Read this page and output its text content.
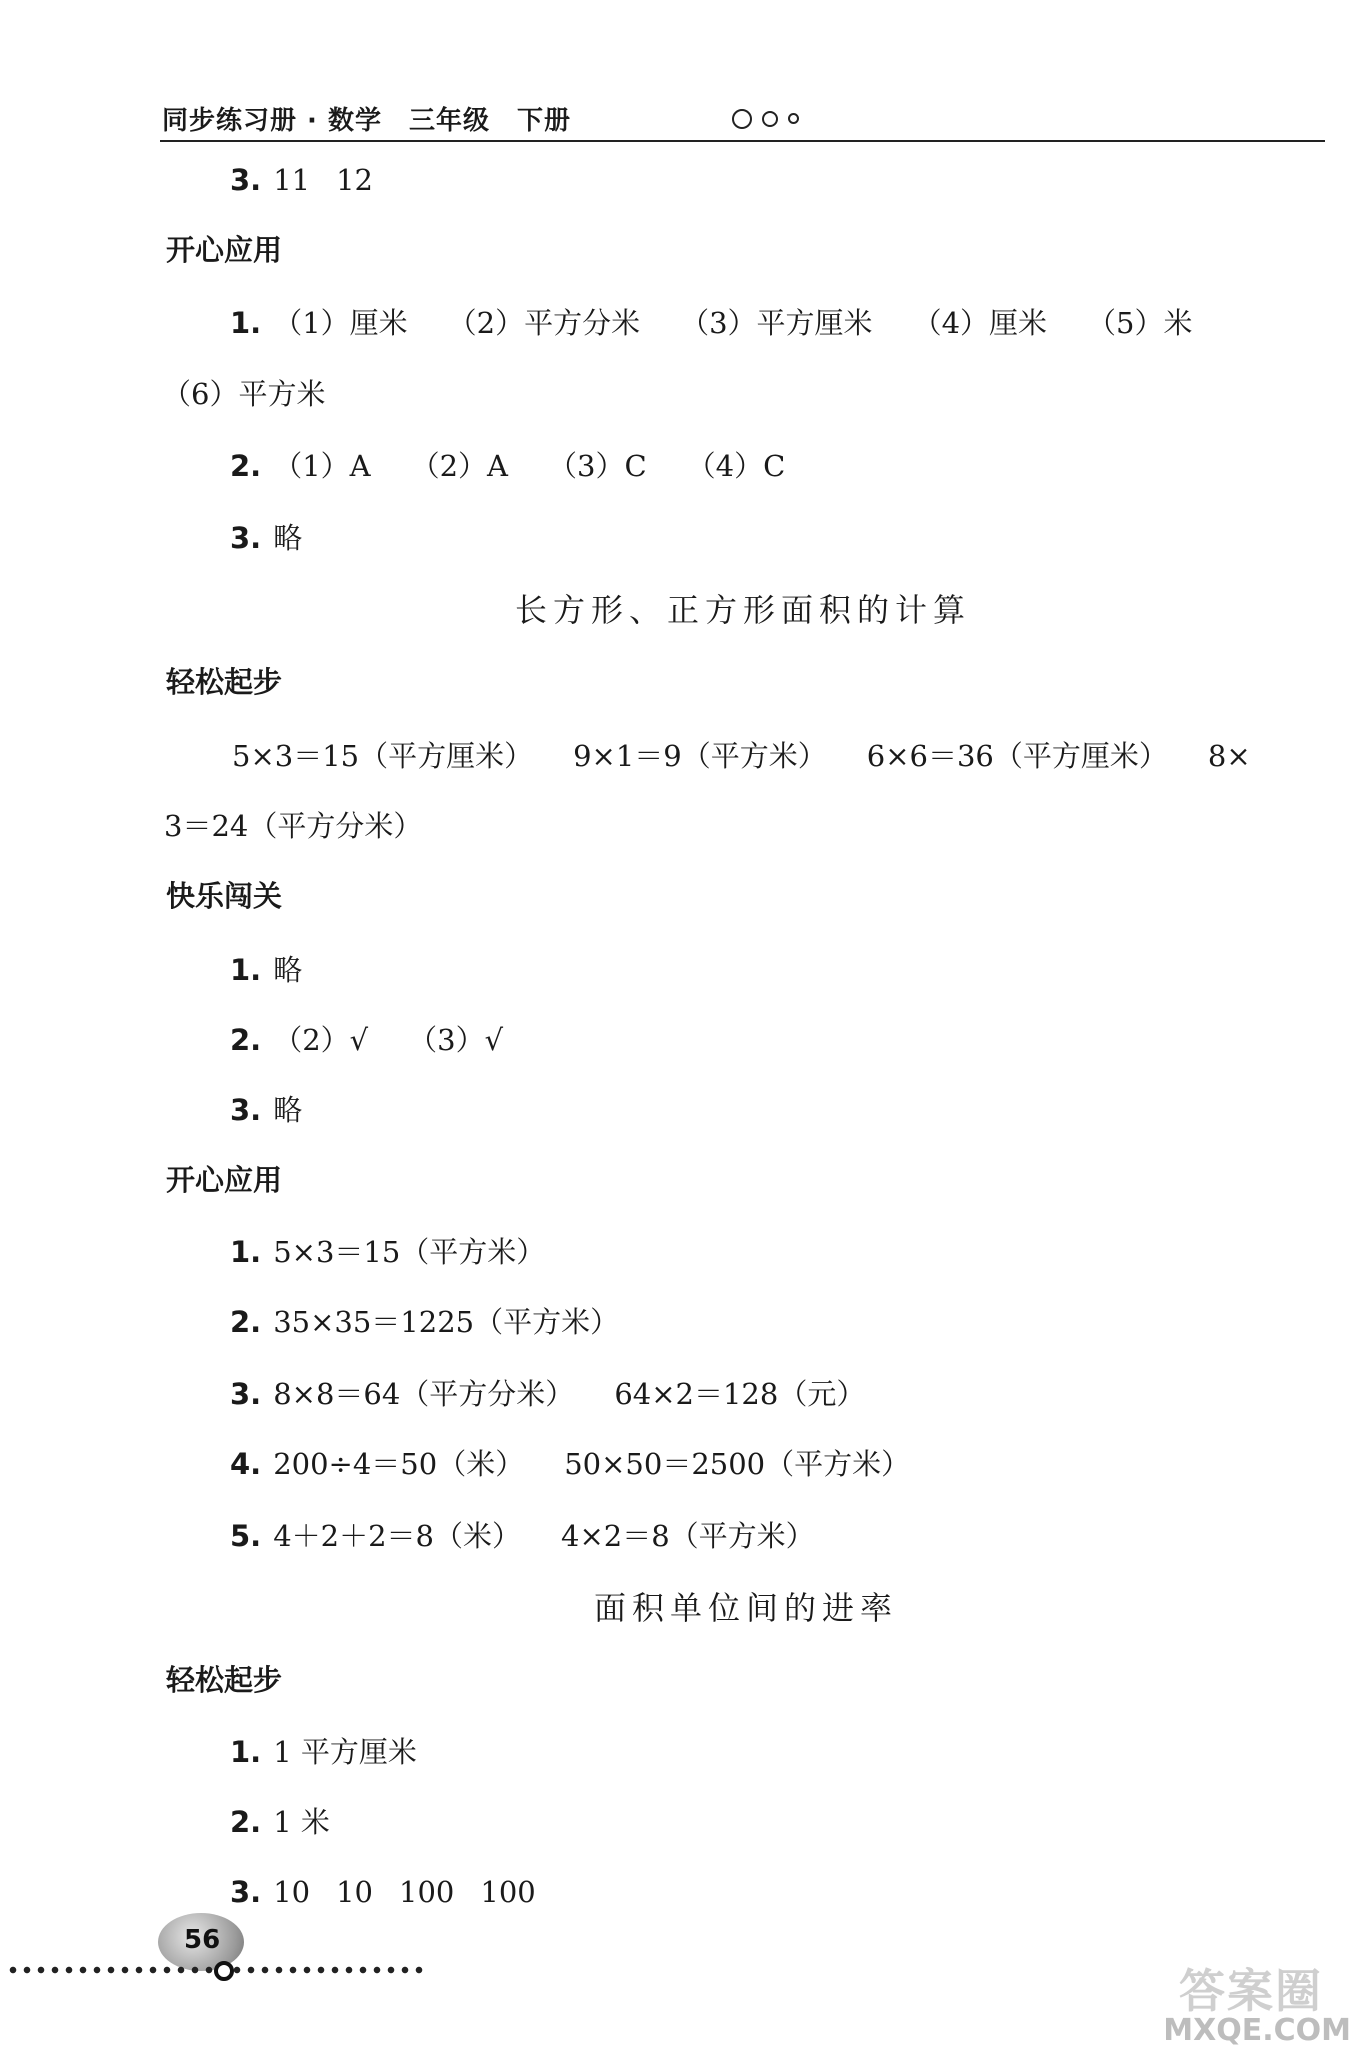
同步练习册 · 数学　三年级　下册
3. 11 12
开心应用
1. （1）厘米 （2）平方分米 （3）平方厘米 （4）厘米 （5）米
（6）平方米
2. （1）A （2）A （3）C （4）C
3. 略
长方形、正方形面积的计算
轻松起步
5×3＝15（平方厘米） 9×1＝9（平方米） 6×6＝36（平方厘米） 8×
3＝24（平方分米）
快乐闯关
1. 略
2. （2）√ （3）√
3. 略
开心应用
1. 5×3＝15（平方米）
2. 35×35＝1225（平方米）
3. 8×8＝64（平方分米） 64×2＝128（元）
4. 200÷4＝50（米） 50×50＝2500（平方米）
5. 4＋2＋2＝8（米） 4×2＝8（平方米）
面积单位间的进率
轻松起步
1. 1 平方厘米
2. 1 米
3. 10 10 100 100
56
答案圈
MXQE.COM
